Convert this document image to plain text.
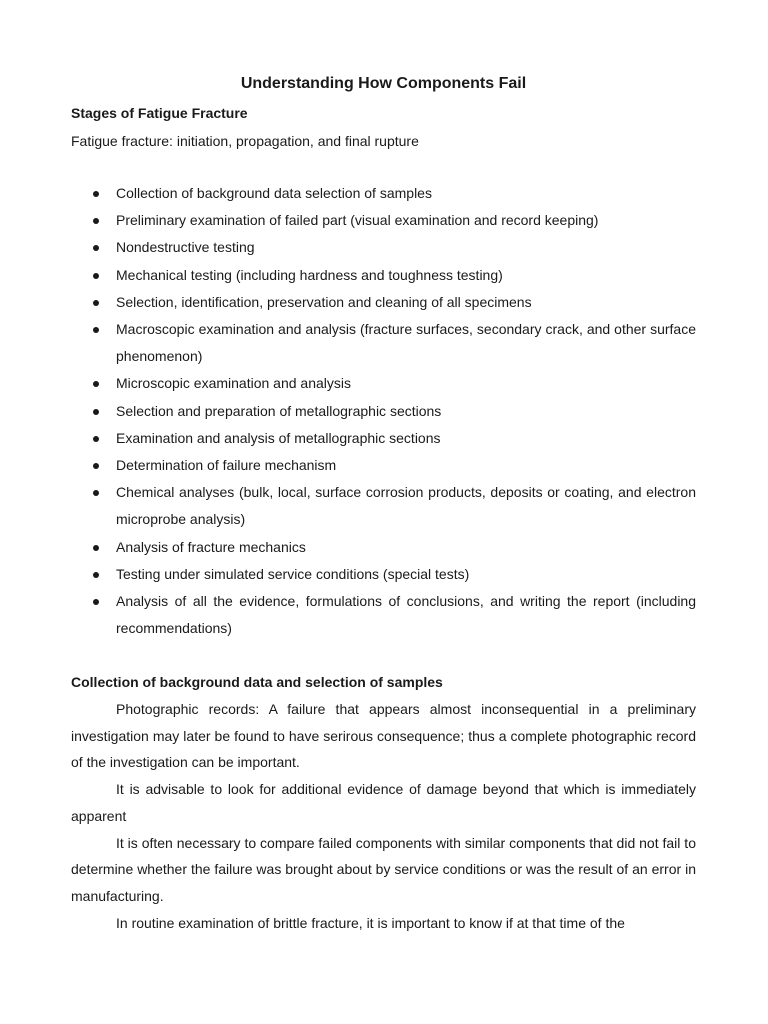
Understanding How Components Fail
Stages of Fatigue Fracture

Fatigue fracture: initiation, propagation, and final rupture

Collection of background data selection of samples
Preliminary examination of failed part (visual examination and record keeping)
Nondestructive testing
Mechanical testing (including hardness and toughness testing)
Selection, identification, preservation and cleaning of all specimens
Macroscopic examination and analysis (fracture surfaces, secondary crack, and other surface phenomenon)
Microscopic examination and analysis
Selection and preparation of metallographic sections
Examination and analysis of metallographic sections
Determination of failure mechanism
Chemical analyses (bulk, local, surface corrosion products, deposits or coating, and electron microprobe analysis)
Analysis of fracture mechanics
Testing under simulated service conditions (special tests)
Analysis of all the evidence, formulations of conclusions, and writing the report (including recommendations)
Collection of background data and selection of samples

Photographic records: A failure that appears almost inconsequential in a preliminary investigation may later be found to have serirous consequence; thus a complete photographic record of the investigation can be important.

It is advisable to look for additional evidence of damage beyond that which is immediately apparent

It is often necessary to compare failed components with similar components that did not fail to determine whether the failure was brought about by service conditions or was the result of an error in manufacturing.

In routine examination of brittle fracture, it is important to know if at that time of the
